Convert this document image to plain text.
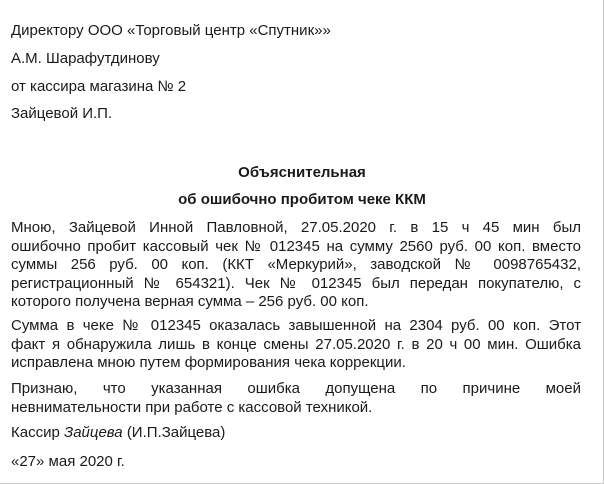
Директору ООО «Торговый центр «Спутник»»

А.М. Шарафутдинову

от кассира магазина № 2

Зайцевой И.П.

Объяснительная

об ошибочно пробитом чеке ККМ

Мною, Зайцевой Инной Павловной, 27.05.2020 г. в 15 ч 45 мин был
ошибочно пробит кассовый чек № 012345 на сумму 2560 руб. 00 коп. вместо
суммы 256 руб. 00 коп. (ККТ «Меркурий», заводской № 0098765432,
регистрационный № 654321). Чек № 012345 был передан покупателю, с
которого получена верная сумма – 256 руб. 00 коп.
Сумма в чеке № 012345 оказалась завышенной на 2304 руб. 00 коп. Этот
факт я обнаружила лишь в конце смены 27.05.2020 г. в 20 ч 00 мин. Ошибка
исправлена мною путем формирования чека коррекции.
Признаю, что указанная ошибка допущена по причине моей
невнимательности при работе с кассовой техникой.

Кассир Зайцева (И.П.Зайцева)

«27» мая 2020 г.
